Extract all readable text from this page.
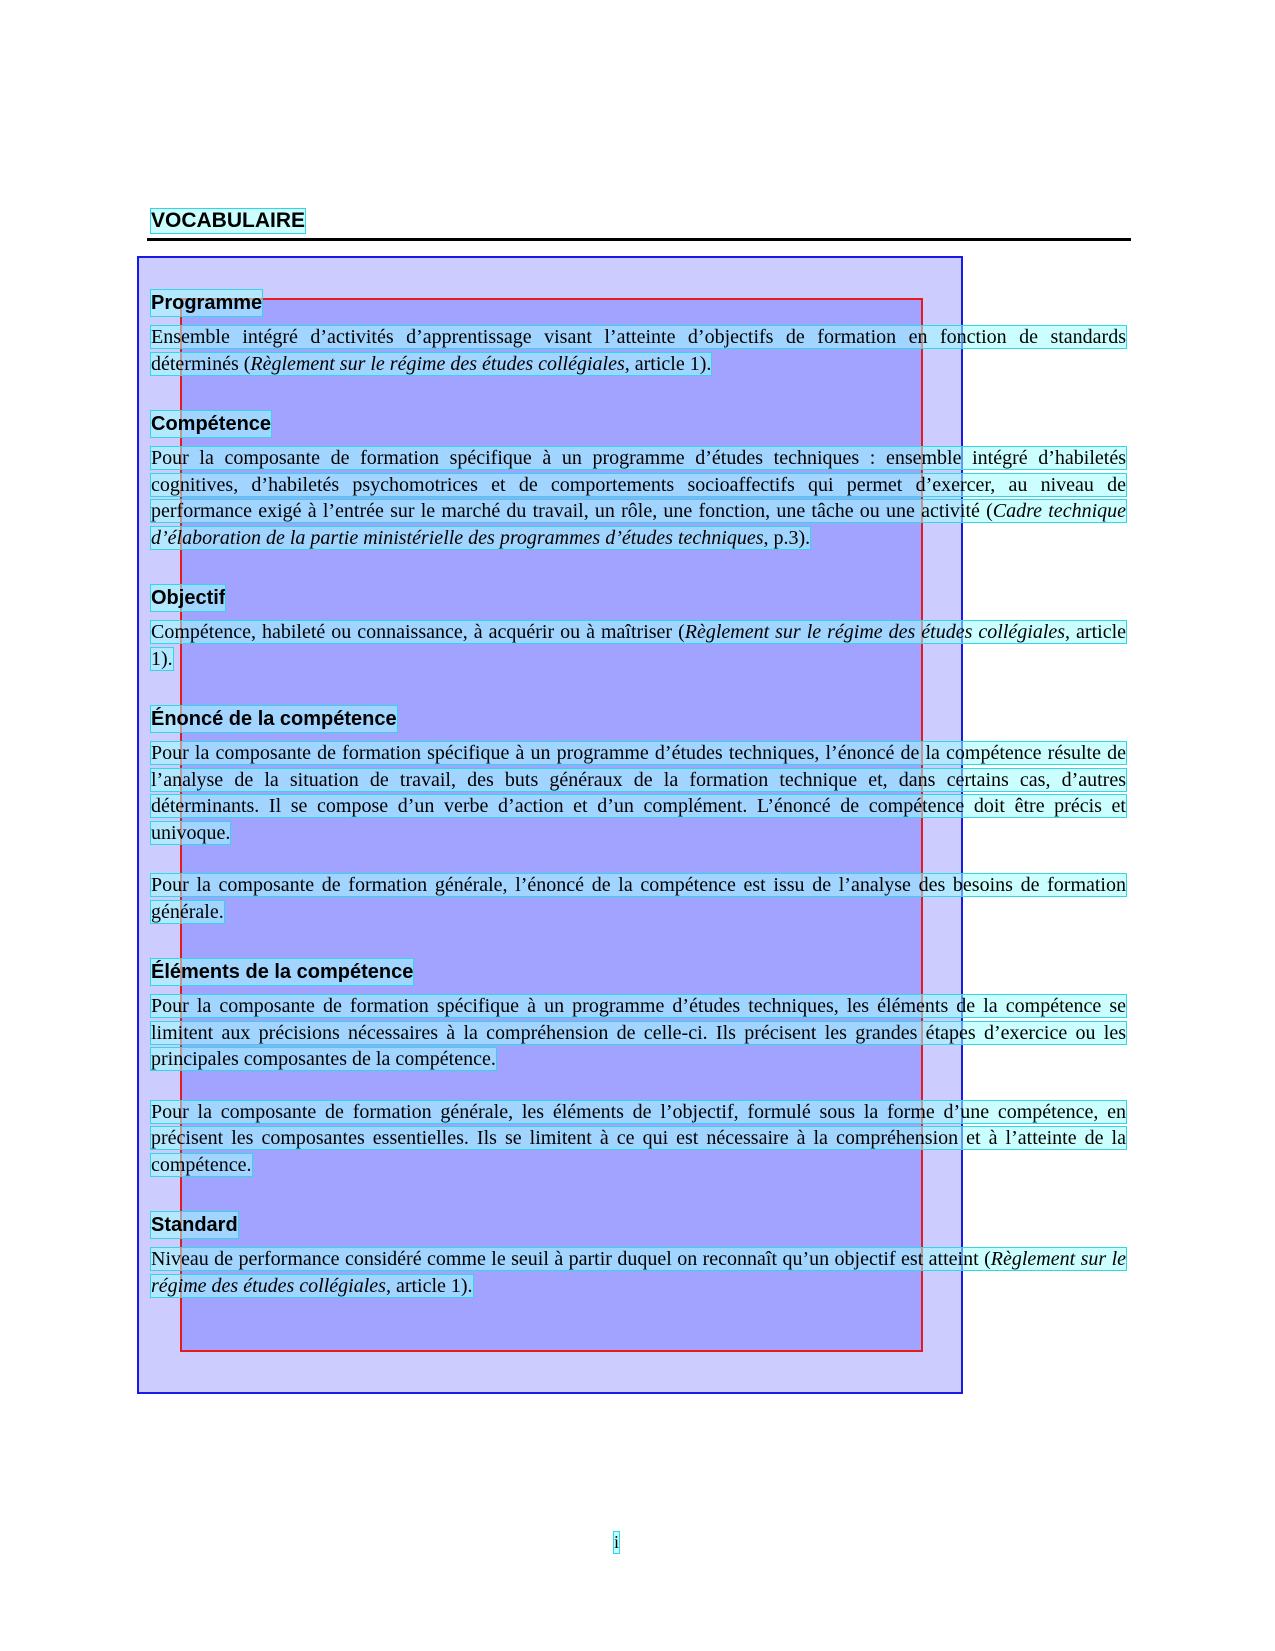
VOCABULAIRE
Programme

Ensemble intégré d’activités d’apprentissage visant l’atteinte d’objectifs de formation en fonction de standards déterminés (Règlement sur le régime des études collégiales, article 1).

Compétence

Pour la composante de formation spécifique à un programme d’études techniques : ensemble intégré d’habiletés cognitives, d’habiletés psychomotrices et de comportements socioaffectifs qui permet d’exercer, au niveau de performance exigé à l’entrée sur le marché du travail, un rôle, une fonction, une tâche ou une activité (Cadre technique d’élaboration de la partie ministérielle des programmes d’études techniques, p.3).

Objectif

Compétence, habileté ou connaissance, à acquérir ou à maîtriser (Règlement sur le régime des études collégiales, article 1).

Énoncé de la compétence

Pour la composante de formation spécifique à un programme d’études techniques, l’énoncé de la compétence résulte de l’analyse de la situation de travail, des buts généraux de la formation technique et, dans certains cas, d’autres déterminants. Il se compose d’un verbe d’action et d’un complément. L’énoncé de compétence doit être précis et univoque.

Pour la composante de formation générale, l’énoncé de la compétence est issu de l’analyse des besoins de formation générale.

Éléments de la compétence

Pour la composante de formation spécifique à un programme d’études techniques, les éléments de la compétence se limitent aux précisions nécessaires à la compréhension de celle-ci. Ils précisent les grandes étapes d’exercice ou les principales composantes de la compétence.

Pour la composante de formation générale, les éléments de l’objectif, formulé sous la forme d’une compétence, en précisent les composantes essentielles. Ils se limitent à ce qui est nécessaire à la compréhension et à l’atteinte de la compétence.

Standard

Niveau de performance considéré comme le seuil à partir duquel on reconnaît qu’un objectif est atteint (Règlement sur le régime des études collégiales, article 1).

i
